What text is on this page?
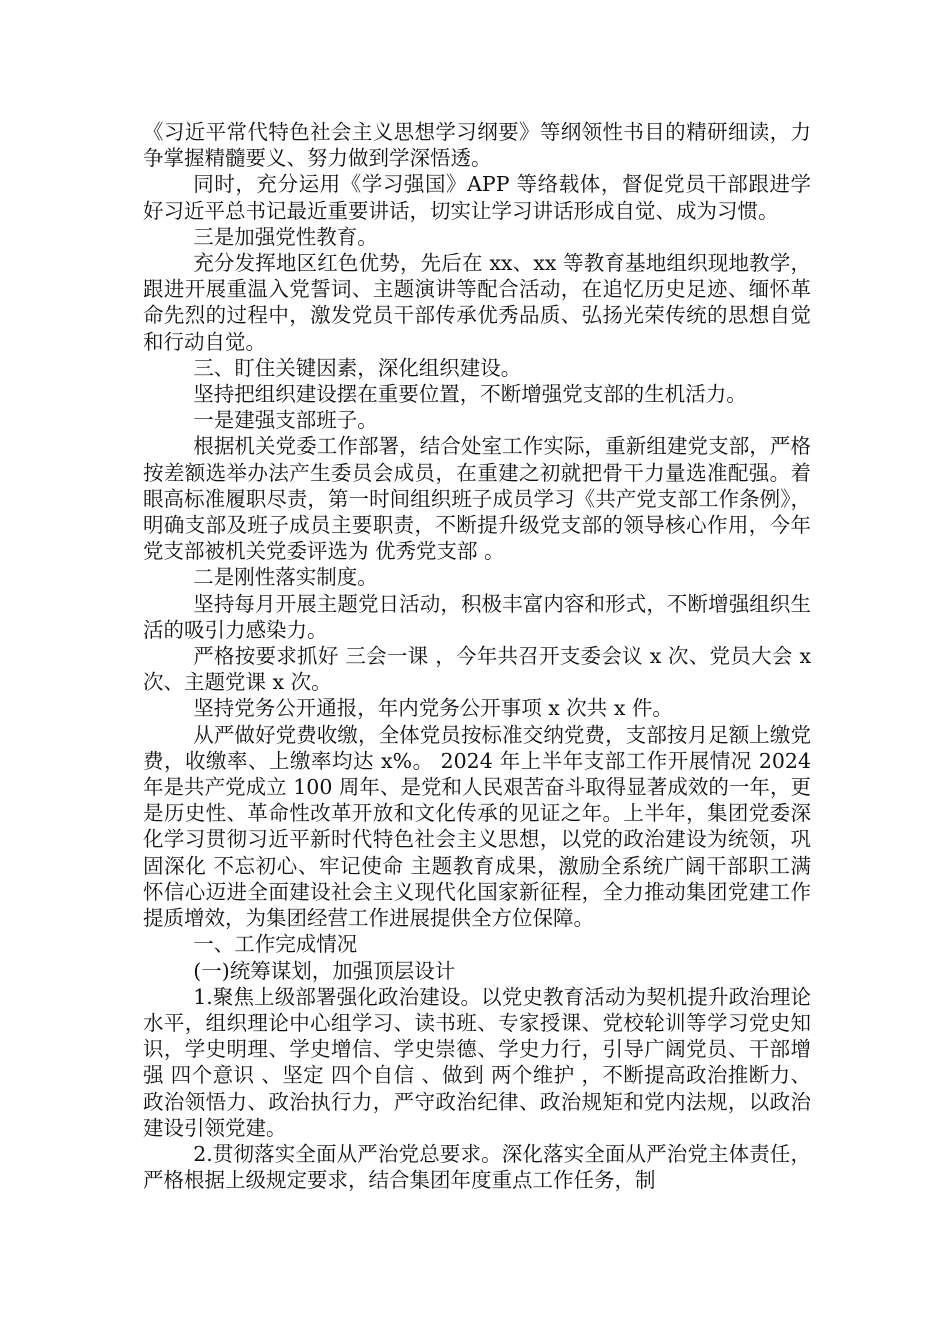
《习近平常代特色社会主义思想学习纲要》等纲领性书目的精研细读，力争掌握精髓要义、努力做到学深悟透。

同时，充分运用《学习强国》APP 等络载体，督促党员干部跟进学好习近平总书记最近重要讲话，切实让学习讲话形成自觉、成为习惯。

三是加强党性教育。

充分发挥地区红色优势，先后在 xx、xx 等教育基地组织现地教学，跟进开展重温入党誓词、主题演讲等配合活动，在追忆历史足迹、缅怀革命先烈的过程中，激发党员干部传承优秀品质、弘扬光荣传统的思想自觉和行动自觉。

三、盯住关键因素，深化组织建设。

坚持把组织建设摆在重要位置，不断增强党支部的生机活力。

一是建强支部班子。

根据机关党委工作部署，结合处室工作实际，重新组建党支部，严格按差额选举办法产生委员会成员，在重建之初就把骨干力量选准配强。着眼高标准履职尽责，第一时间组织班子成员学习《共产党支部工作条例》，明确支部及班子成员主要职责，不断提升级党支部的领导核心作用，今年党支部被机关党委评选为 优秀党支部 。

二是刚性落实制度。

坚持每月开展主题党日活动，积极丰富内容和形式，不断增强组织生活的吸引力感染力。

严格按要求抓好 三会一课 ，今年共召开支委会议 x 次、党员大会 x 次、主题党课 x 次。

坚持党务公开通报，年内党务公开事项 x 次共 x 件。

从严做好党费收缴，全体党员按标准交纳党费，支部按月足额上缴党费，收缴率、上缴率均达 x%。 2024 年上半年支部工作开展情况 2024 年是共产党成立 100 周年、是党和人民艰苦奋斗取得显著成效的一年，更是历史性、革命性改革开放和文化传承的见证之年。上半年，集团党委深化学习贯彻习近平新时代特色社会主义思想，以党的政治建设为统领，巩固深化 不忘初心、牢记使命 主题教育成果，激励全系统广阔干部职工满怀信心迈进全面建设社会主义现代化国家新征程，全力推动集团党建工作提质增效，为集团经营工作进展提供全方位保障。

一、工作完成情况

(一)统筹谋划，加强顶层设计

1.聚焦上级部署强化政治建设。以党史教育活动为契机提升政治理论水平，组织理论中心组学习、读书班、专家授课、党校轮训等学习党史知识，学史明理、学史增信、学史崇德、学史力行，引导广阔党员、干部增强 四个意识 、坚定 四个自信 、做到 两个维护 ，不断提高政治推断力、政治领悟力、政治执行力，严守政治纪律、政治规矩和党内法规，以政治建设引领党建。

2.贯彻落实全面从严治党总要求。深化落实全面从严治党主体责任，严格根据上级规定要求，结合集团年度重点工作任务，制
